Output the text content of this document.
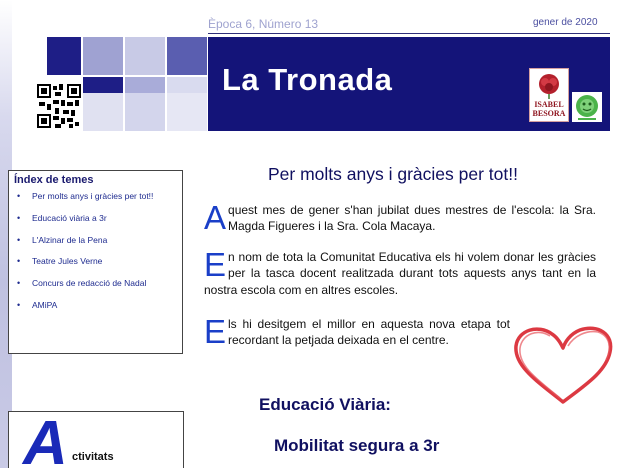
Època 6, Número 13	gener de 2020
La Tronada
ISABEL
BESORA
Índex de temes
• Per molts anys i gràcies per tot!!
• Educació viària a 3r
• L'Alzinar de la Pena
• Teatre Jules Verne
• Concurs de redacció de Nadal
• AMiPA
A ctivitats
Per molts anys i gràcies per tot!!
Aquest mes de gener s'han jubilat dues mestres de l'escola: la Sra. Magda Figueres i la Sra. Cola Macaya.
En nom de tota la Comunitat Educativa els hi volem donar les gràcies per la tasca docent realitzada durant tots aquests anys tant en la nostra escola com en altres escoles.
Els hi desitgem el millor en aquesta nova etapa tot recordant la petjada deixada en el centre.
Educació Viària:
Mobilitat segura a 3r
